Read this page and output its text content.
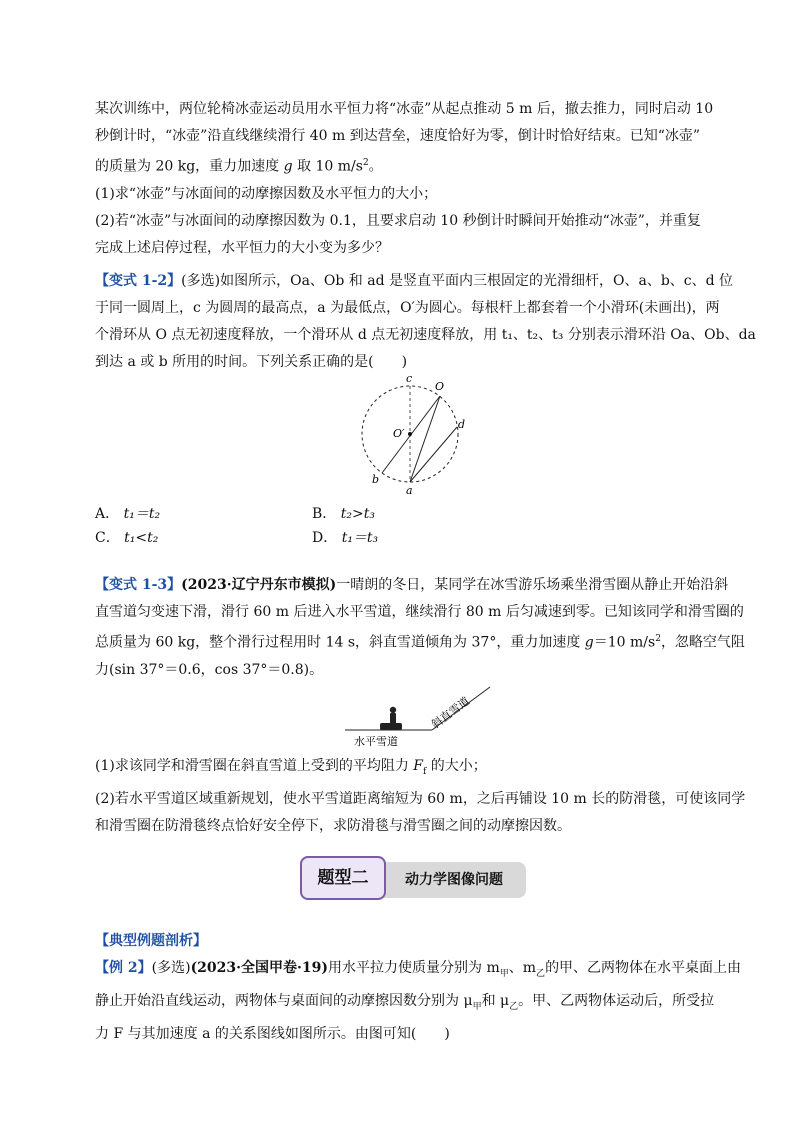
某次训练中，两位轮椅冰壶运动员用水平恒力将“冰壶”从起点推动 5 m 后，撤去推力，同时启动 10
秒倒计时，“冰壶”沿直线继续滑行 40 m 到达营垒，速度恰好为零，倒计时恰好结束。已知“冰壶”
的质量为 20 kg，重力加速度 g 取 10 $m/s^2$。
(1)求“冰壶”与冰面间的动摩擦因数及水平恒力的大小；
(2)若“冰壶”与冰面间的动摩擦因数为 0.1，且要求启动 10 秒倒计时瞬间开始推动“冰壶”，并重复
完成上述启停过程，水平恒力的大小变为多少？
【变式 1-2】(多选)如图所示，Oa、Ob 和 ad 是竖直平面内三根固定的光滑细杆，O、a、b、c、d 位
于同一圆周上，c 为圆周的最高点，a 为最低点，O′为圆心。每根杆上都套着一个小滑环(未画出)，两
个滑环从 O 点无初速度释放，一个滑环从 d 点无初速度释放，用 t₁、t₂、t₃ 分别表示滑环沿 Oa、Ob、da
到达 a 或 b 所用的时间。下列关系正确的是(　　)
c
O
O′
d
b
a
A． t₁＝t₂	B． t₂>t₃
C． t₁<t₂	D． t₁＝t₃
【变式 1-3】(2023·辽宁丹东市模拟)一晴朗的冬日，某同学在冰雪游乐场乘坐滑雪圈从静止开始沿斜
直雪道匀变速下滑，滑行 60 m 后进入水平雪道，继续滑行 80 m 后匀减速到零。已知该同学和滑雪圈的
总质量为 60 kg，整个滑行过程用时 14 s，斜直雪道倾角为 37°，重力加速度 g＝10 $m/s^2$，忽略空气阻
力(sin 37°＝0.6，cos 37°＝0.8)。
斜直雪道
水平雪道
(1)求该同学和滑雪圈在斜直雪道上受到的平均阻力 $F_f$ 的大小；
(2)若水平雪道区域重新规划，使水平雪道距离缩短为 60 m，之后再铺设 10 m 长的防滑毯，可使该同学
和滑雪圈在防滑毯终点恰好安全停下，求防滑毯与滑雪圈之间的动摩擦因数。
题型二	动力学图像问题
【典型例题剖析】
【例 2】(多选)(2023·全国甲卷·19)用水平拉力使质量分别为 $m_甲$、$m_乙$的甲、乙两物体在水平桌面上由
静止开始沿直线运动，两物体与桌面间的动摩擦因数分别为 $\mu_甲$和 $\mu_乙$。甲、乙两物体运动后，所受拉
力 F 与其加速度 a 的关系图线如图所示。由图可知(　　)
